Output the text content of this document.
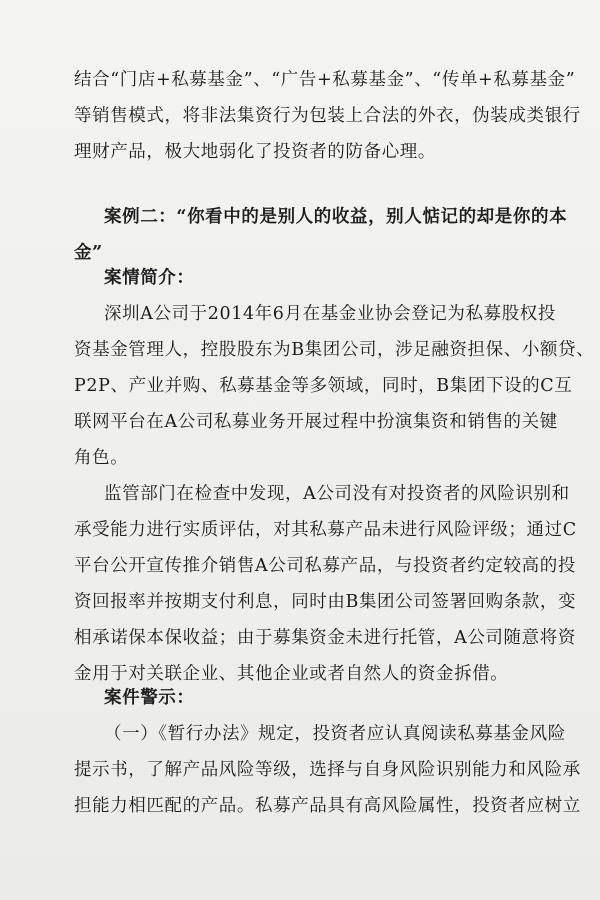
结合“门店+私募基金”、“广告+私募基金”、“传单+私募基金”
等销售模式，将非法集资行为包装上合法的外衣，伪装成类银行
理财产品，极大地弱化了投资者的防备心理。
案例二：“你看中的是别人的收益，别人惦记的却是你的本
金”
案情简介：
深圳A公司于2014年6月在基金业协会登记为私募股权投
资基金管理人，控股股东为B集团公司，涉足融资担保、小额贷、
P2P、产业并购、私募基金等多领域，同时，B集团下设的C互
联网平台在A公司私募业务开展过程中扮演集资和销售的关键
角色。
监管部门在检查中发现，A公司没有对投资者的风险识别和
承受能力进行实质评估，对其私募产品未进行风险评级；通过C
平台公开宣传推介销售A公司私募产品，与投资者约定较高的投
资回报率并按期支付利息，同时由B集团公司签署回购条款，变
相承诺保本保收益；由于募集资金未进行托管，A公司随意将资
金用于对关联企业、其他企业或者自然人的资金拆借。
案件警示：
（一）《暂行办法》规定，投资者应认真阅读私募基金风险
提示书，了解产品风险等级，选择与自身风险识别能力和风险承
担能力相匹配的产品。私募产品具有高风险属性，投资者应树立
